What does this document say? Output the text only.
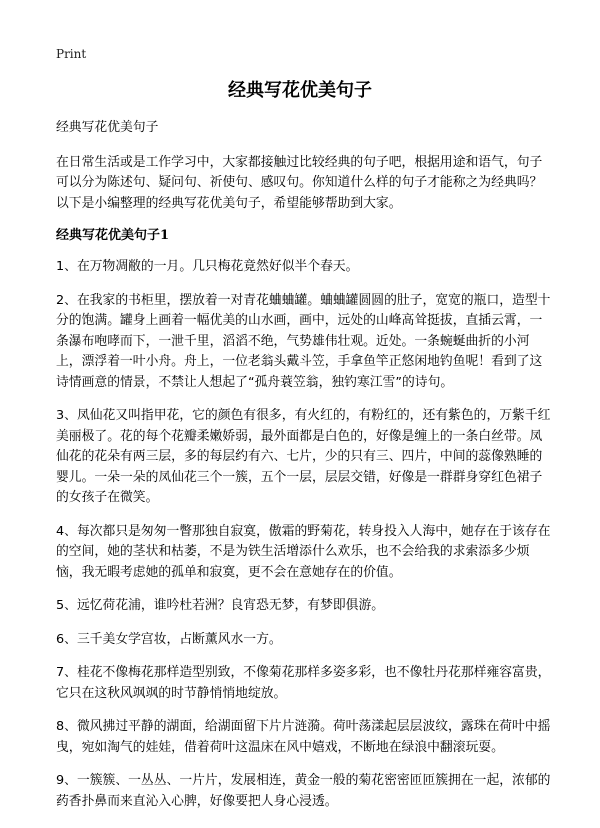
Print
经典写花优美句子

经典写花优美句子

在日常生活或是工作学习中，大家都接触过比较经典的句子吧，根据用途和语气，句子可以分为陈述句、疑问句、祈使句、感叹句。你知道什么样的句子才能称之为经典吗？以下是小编整理的经典写花优美句子，希望能够帮助到大家。

经典写花优美句子1

1、在万物凋敝的一月。几只梅花竟然好似半个春天。

2、在我家的书柜里，摆放着一对青花蛐蛐罐。蛐蛐罐圆圆的肚子，宽宽的瓶口，造型十分的饱满。罐身上画着一幅优美的山水画，画中，远处的山峰高耸挺拔，直插云霄，一条瀑布咆哮而下，一泄千里，滔滔不绝，气势雄伟壮观。近处。一条蜿蜒曲折的小河上，漂浮着一叶小舟。舟上，一位老翁头戴斗笠，手拿鱼竿正悠闲地钓鱼呢！看到了这诗情画意的情景，不禁让人想起了“孤舟蓑笠翁，独钓寒江雪”的诗句。

3、凤仙花又叫指甲花，它的颜色有很多，有火红的，有粉红的，还有紫色的，万紫千红美丽极了。花的每个花瓣柔嫩娇弱，最外面都是白色的，好像是缠上的一条白丝带。凤仙花的花朵有两三层，多的每层约有六、七片，少的只有三、四片，中间的蕊像熟睡的婴儿。一朵一朵的凤仙花三个一簇，五个一层，层层交错，好像是一群群身穿红色裙子的女孩子在微笑。

4、每次都只是匆匆一瞥那独自寂寞，傲霜的野菊花，转身投入人海中，她存在于该存在的空间，她的茎状和枯萎，不是为铁生活增添什么欢乐，也不会给我的求索添多少烦恼，我无暇考虑她的孤单和寂寞，更不会在意她存在的价值。

5、远忆荷花浦，谁吟杜若洲？良宵恐无梦，有梦即俱游。

6、三千美女学宫妆，占断薰风水一方。

7、桂花不像梅花那样造型别致，不像菊花那样多姿多彩，也不像牡丹花那样雍容富贵，它只在这秋风飒飒的时节静悄悄地绽放。

8、微风拂过平静的湖面，给湖面留下片片涟漪。荷叶荡漾起层层波纹，露珠在荷叶中摇曳，宛如淘气的娃娃，借着荷叶这温床在风中嬉戏，不断地在绿浪中翻滚玩耍。

9、一簇簇、一丛丛、一片片，发展相连，黄金一般的菊花密密匝匝簇拥在一起，浓郁的药香扑鼻而来直沁入心脾，好像要把人身心浸透。
